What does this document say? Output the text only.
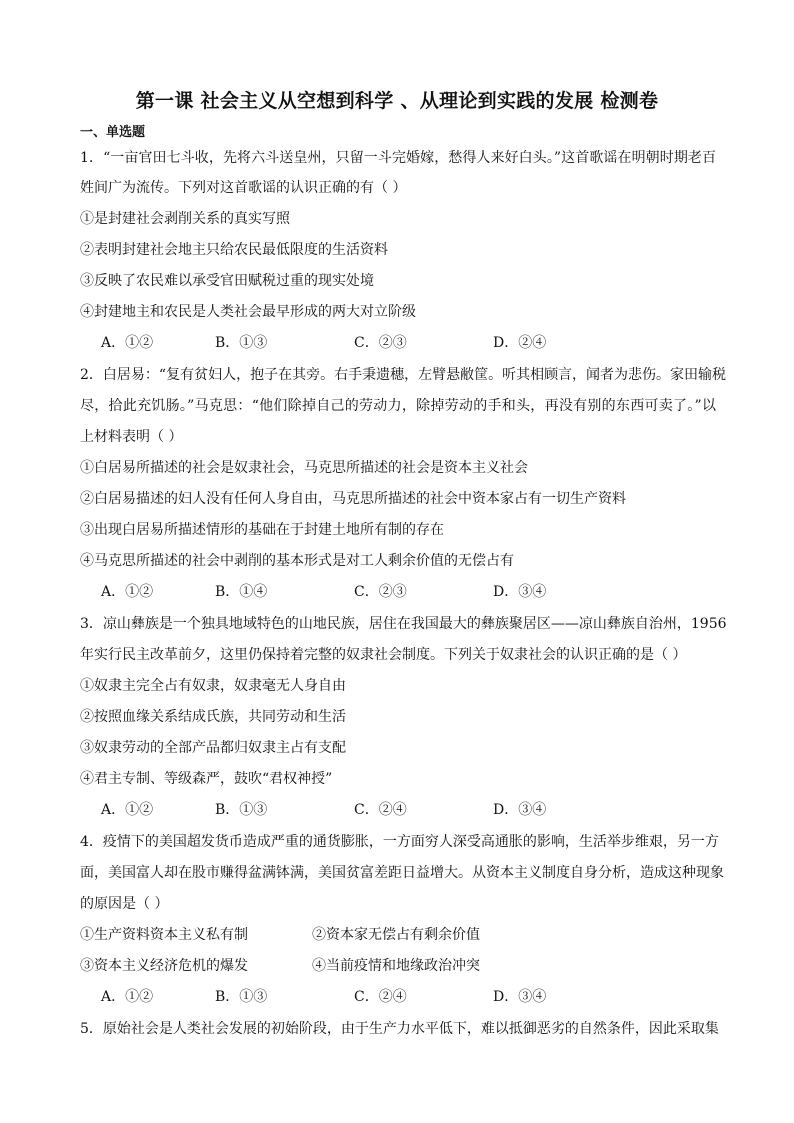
第一课 社会主义从空想到科学 、从理论到实践的发展 检测卷
一、单选题
1．“一亩官田七斗收，先将六斗送皇州，只留一斗完婚嫁，愁得人来好白头。”这首歌谣在明朝时期老百
姓间广为流传。下列对这首歌谣的认识正确的有（ ）
①是封建社会剥削关系的真实写照
②表明封建社会地主只给农民最低限度的生活资料
③反映了农民难以承受官田赋税过重的现实处境
④封建地主和农民是人类社会最早形成的两大对立阶级
A．①②	B．①③	C．②③	D．②④
2．白居易：“复有贫妇人，抱子在其旁。右手秉遗穗，左臂悬敝筐。听其相顾言，闻者为悲伤。家田输税
尽，拾此充饥肠。”马克思：“他们除掉自己的劳动力，除掉劳动的手和头，再没有别的东西可卖了。”以
上材料表明（ ）
①白居易所描述的社会是奴隶社会，马克思所描述的社会是资本主义社会
②白居易描述的妇人没有任何人身自由，马克思所描述的社会中资本家占有一切生产资料
③出现白居易所描述情形的基础在于封建土地所有制的存在
④马克思所描述的社会中剥削的基本形式是对工人剩余价值的无偿占有
A．①②	B．①④	C．②③	D．③④
3．凉山彝族是一个独具地域特色的山地民族，居住在我国最大的彝族聚居区——凉山彝族自治州，1956
年实行民主改革前夕，这里仍保持着完整的奴隶社会制度。下列关于奴隶社会的认识正确的是（ ）
①奴隶主完全占有奴隶，奴隶毫无人身自由
②按照血缘关系结成氏族，共同劳动和生活
③奴隶劳动的全部产品都归奴隶主占有支配
④君主专制、等级森严，鼓吹“君权神授”
A．①②	B．①③	C．②④	D．③④
4．疫情下的美国超发货币造成严重的通货膨胀，一方面穷人深受高通胀的影响，生活举步维艰，另一方
面，美国富人却在股市赚得盆满钵满，美国贫富差距日益增大。从资本主义制度自身分析，造成这种现象
的原因是（ ）
①生产资料资本主义私有制	②资本家无偿占有剩余价值
③资本主义经济危机的爆发	④当前疫情和地缘政治冲突
A．①②	B．①③	C．②④	D．③④
5．原始社会是人类社会发展的初始阶段，由于生产力水平低下，难以抵御恶劣的自然条件，因此采取集
